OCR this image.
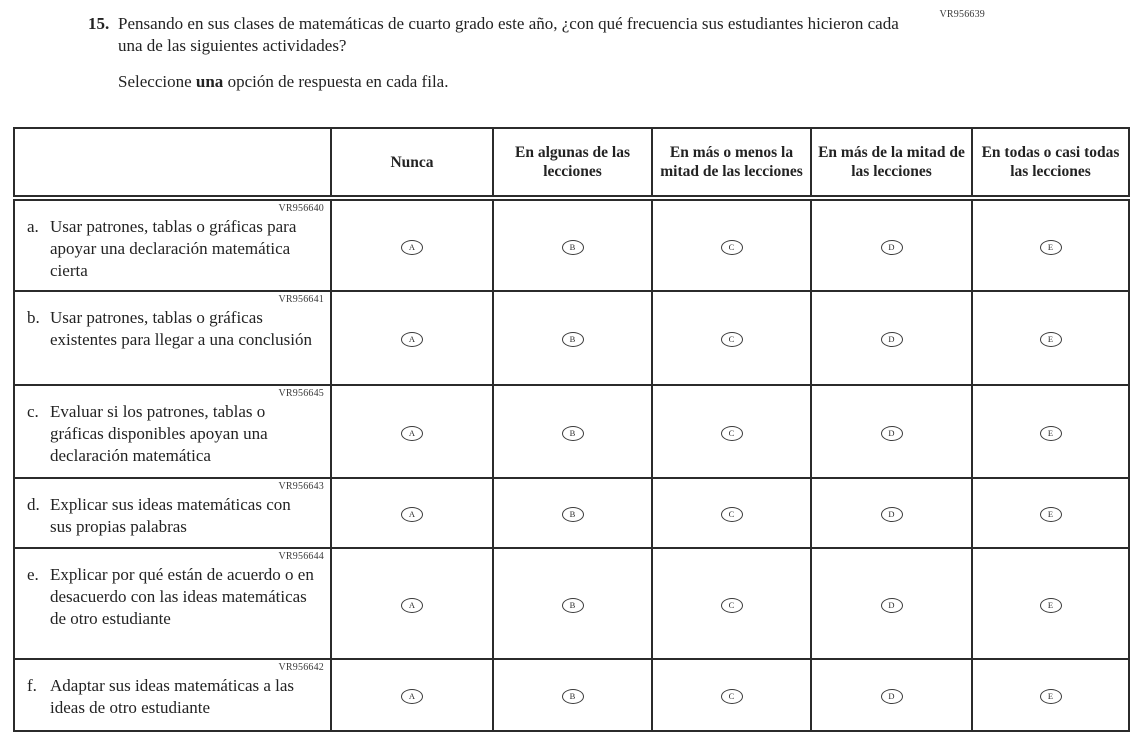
VR956639
15. Pensando en sus clases de matemáticas de cuarto grado este año, ¿con qué frecuencia sus estudiantes hicieron cada una de las siguientes actividades?

Seleccione una opción de respuesta en cada fila.

	Nunca	En algunas de las lecciones	En más o menos la mitad de las lecciones	En más de la mitad de las lecciones	En todas o casi todas las lecciones

VR956640
a. Usar patrones, tablas o gráficas para apoyar una declaración matemática cierta	A	B	C	D	E

VR956641
b. Usar patrones, tablas o gráficas existentes para llegar a una conclusión	A	B	C	D	E

VR956645
c. Evaluar si los patrones, tablas o gráficas disponibles apoyan una declaración matemática	A	B	C	D	E

VR956643
d. Explicar sus ideas matemáticas con sus propias palabras	A	B	C	D	E

VR956644
e. Explicar por qué están de acuerdo o en desacuerdo con las ideas matemáticas de otro estudiante	A	B	C	D	E

VR956642
f. Adaptar sus ideas matemáticas a las ideas de otro estudiante	A	B	C	D	E
